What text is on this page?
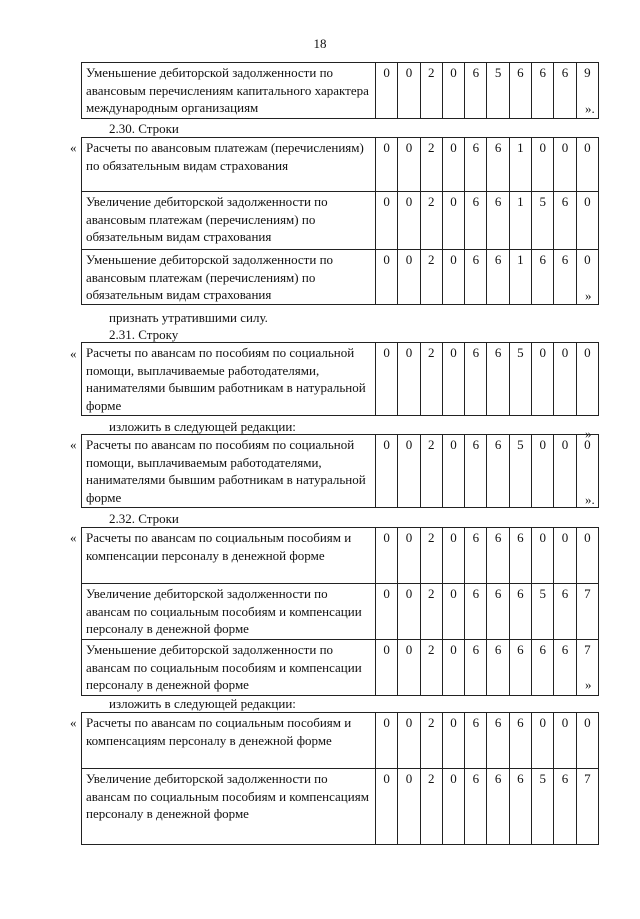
18
Уменьшение дебиторской задолженности по авансовым перечислениям капитального характера международным организациям	0	0	2	0	6	5	6	6	6	9
».
2.30. Строки
« Расчеты по авансовым платежам (перечислениям) по обязательным видам страхования	0	0	2	0	6	6	1	0	0	0
Увеличение дебиторской задолженности по авансовым платежам (перечислениям) по обязательным видам страхования	0	0	2	0	6	6	1	5	6	0
Уменьшение дебиторской задолженности по авансовым платежам (перечислениям) по обязательным видам страхования	0	0	2	0	6	6	1	6	6	0
»
признать утратившими силу.
2.31. Строку
« Расчеты по авансам по пособиям по социальной помощи, выплачиваемые работодателями, нанимателями бывшим работникам в натуральной форме	0	0	2	0	6	6	5	0	0	0
»
изложить в следующей редакции:
« Расчеты по авансам по пособиям по социальной помощи, выплачиваемым работодателями, нанимателями бывшим работникам в натуральной форме	0	0	2	0	6	6	5	0	0	0
».
2.32. Строки
« Расчеты по авансам по социальным пособиям и компенсации персоналу в денежной форме	0	0	2	0	6	6	6	0	0	0
Увеличение дебиторской задолженности по авансам по социальным пособиям и компенсации персоналу в денежной форме	0	0	2	0	6	6	6	5	6	7
Уменьшение дебиторской задолженности по авансам по социальным пособиям и компенсации персоналу в денежной форме	0	0	2	0	6	6	6	6	6	7
»
изложить в следующей редакции:
« Расчеты по авансам по социальным пособиям и компенсациям персоналу в денежной форме	0	0	2	0	6	6	6	0	0	0
Увеличение дебиторской задолженности по авансам по социальным пособиям и компенсациям персоналу в денежной форме	0	0	2	0	6	6	6	5	6	7
